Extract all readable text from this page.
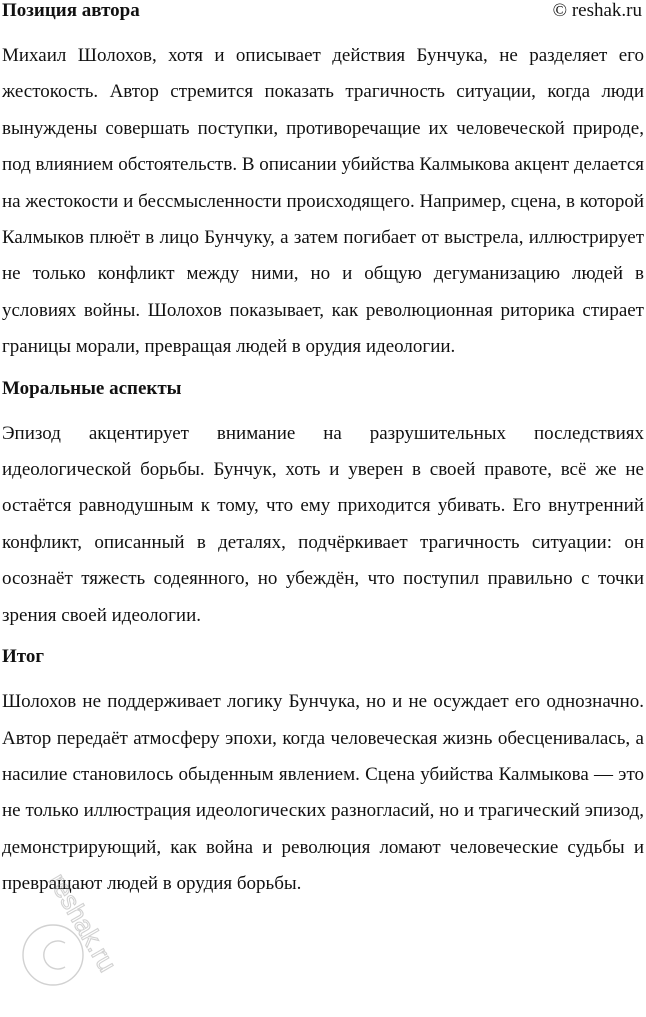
Позиция автора	© reshak.ru

Михаил Шолохов, хотя и описывает действия Бунчука, не разделяет его жестокость. Автор стремится показать трагичность ситуации, когда люди вынуждены совершать поступки, противоречащие их человеческой природе, под влиянием обстоятельств. В описании убийства Калмыкова акцент делается на жестокости и бессмысленности происходящего. Например, сцена, в которой Калмыков плюёт в лицо Бунчуку, а затем погибает от выстрела, иллюстрирует не только конфликт между ними, но и общую дегуманизацию людей в условиях войны. Шолохов показывает, как революционная риторика стирает границы морали, превращая людей в орудия идеологии.

Моральные аспекты

Эпизод акцентирует внимание на разрушительных последствиях идеологической борьбы. Бунчук, хоть и уверен в своей правоте, всё же не остаётся равнодушным к тому, что ему приходится убивать. Его внутренний конфликт, описанный в деталях, подчёркивает трагичность ситуации: он осознаёт тяжесть содеянного, но убеждён, что поступил правильно с точки зрения своей идеологии.

Итог

Шолохов не поддерживает логику Бунчука, но и не осуждает его однозначно. Автор передаёт атмосферу эпохи, когда человеческая жизнь обесценивалась, а насилие становилось обыденным явлением. Сцена убийства Калмыкова — это не только иллюстрация идеологических разногласий, но и трагический эпизод, демонстрирующий, как война и революция ломают человеческие судьбы и превращают людей в орудия борьбы.

reshak.ru
